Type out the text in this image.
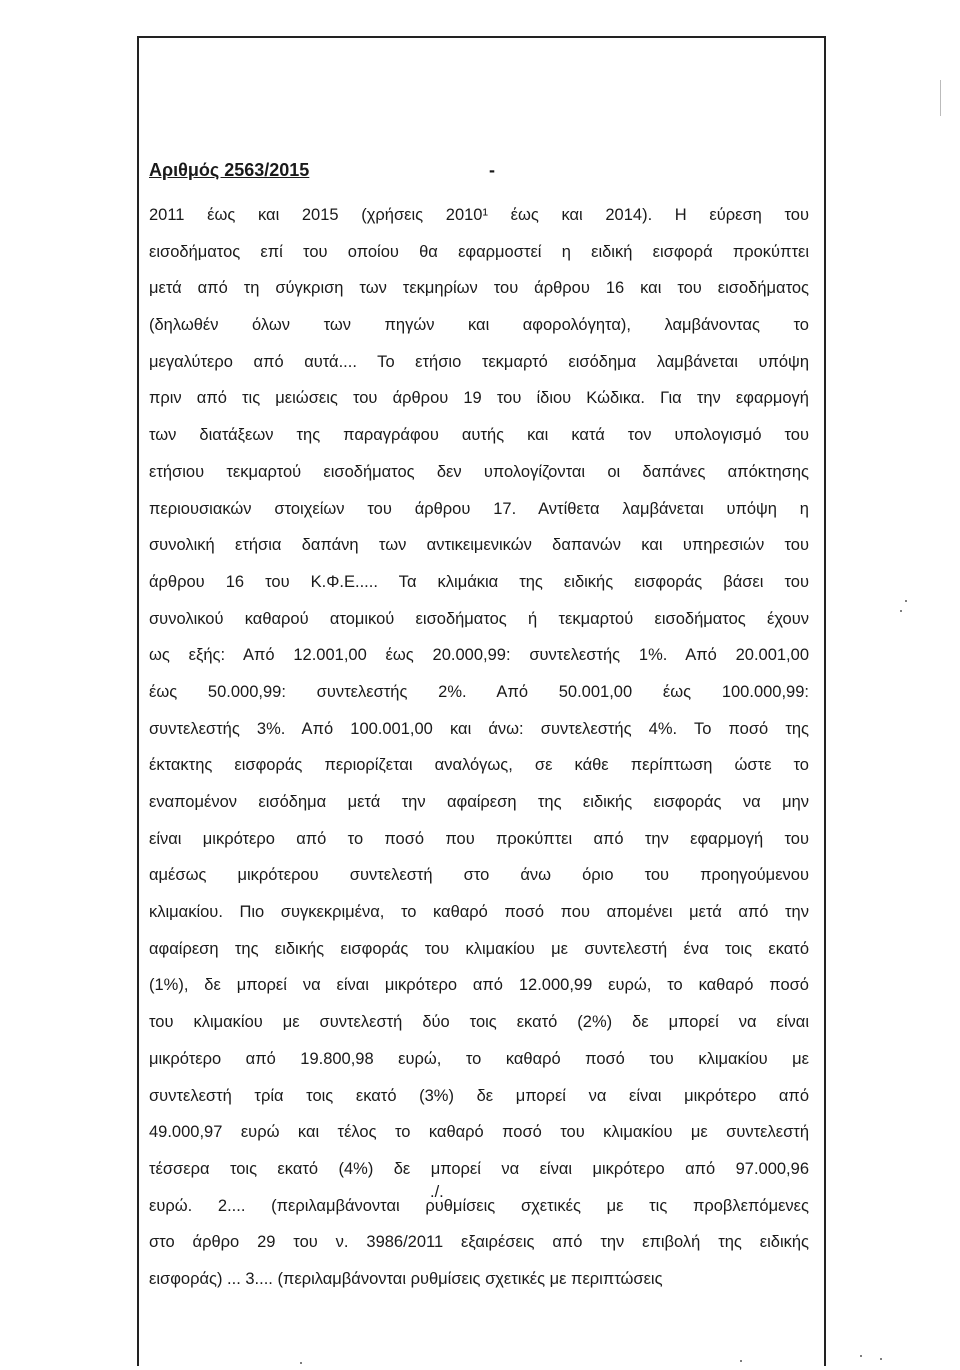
Αριθμός 2563/2015	-
2011 έως και 2015 (χρήσεις 2010¹ έως και 2014). Η εύρεση του
εισοδήματος επί του οποίου θα εφαρμοστεί η ειδική εισφορά προκύπτει
μετά από τη σύγκριση των τεκμηρίων του άρθρου 16 και του εισοδήματος
(δηλωθέν όλων των πηγών και αφορολόγητα), λαμβάνοντας το
μεγαλύτερο από αυτά.... Το ετήσιο τεκμαρτό εισόδημα λαμβάνεται υπόψη
πριν από τις μειώσεις του άρθρου 19 του ίδιου Κώδικα. Για την εφαρμογή
των διατάξεων της παραγράφου αυτής και κατά τον υπολογισμό του
ετήσιου τεκμαρτού εισοδήματος δεν υπολογίζονται οι δαπάνες απόκτησης
περιουσιακών στοιχείων του άρθρου 17. Αντίθετα λαμβάνεται υπόψη η
συνολική ετήσια δαπάνη των αντικειμενικών δαπανών και υπηρεσιών του
άρθρου 16 του Κ.Φ.Ε..... Τα κλιμάκια της ειδικής εισφοράς βάσει του
συνολικού καθαρού ατομικού εισοδήματος ή τεκμαρτού εισοδήματος έχουν
ως εξής: Από 12.001,00 έως 20.000,99: συντελεστής 1%. Από 20.001,00
έως 50.000,99: συντελεστής 2%. Από 50.001,00 έως 100.000,99:
συντελεστής 3%. Από 100.001,00 και άνω: συντελεστής 4%. Το ποσό της
έκτακτης εισφοράς περιορίζεται αναλόγως, σε κάθε περίπτωση ώστε το
εναπομένον εισόδημα μετά την αφαίρεση της ειδικής εισφοράς να μην
είναι μικρότερο από το ποσό που προκύπτει από την εφαρμογή του
αμέσως μικρότερου συντελεστή στο άνω όριο του προηγούμενου
κλιμακίου. Πιο συγκεκριμένα, το καθαρό ποσό που απομένει μετά από την
αφαίρεση της ειδικής εισφοράς του κλιμακίου με συντελεστή ένα τοις εκατό
(1%), δε μπορεί να είναι μικρότερο από 12.000,99 ευρώ, το καθαρό ποσό
του κλιμακίου με συντελεστή δύο τοις εκατό (2%) δε μπορεί να είναι
μικρότερο από 19.800,98 ευρώ, το καθαρό ποσό του κλιμακίου με
συντελεστή τρία τοις εκατό (3%) δε μπορεί να είναι μικρότερο από
49.000,97 ευρώ και τέλος το καθαρό ποσό του κλιμακίου με συντελεστή
τέσσερα τοις εκατό (4%) δε μπορεί να είναι μικρότερο από 97.000,96
ευρώ. 2.... (περιλαμβάνονται ρυθμίσεις σχετικές με τις προβλεπόμενες
στο άρθρο 29 του ν. 3986/2011 εξαιρέσεις από την επιβολή της ειδικής
εισφοράς) ... 3.... (περιλαμβάνονται ρυθμίσεις σχετικές με περιπτώσεις
./.
